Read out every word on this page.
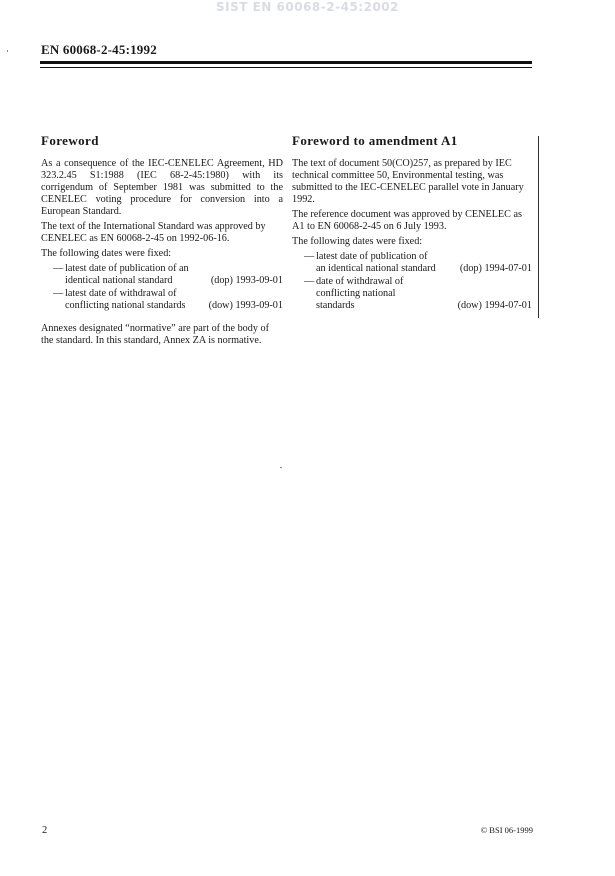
SIST EN 60068-2-45:2002
EN 60068-2-45:1992
Foreword

As a consequence of the IEC-CENELEC Agreement, HD 323.2.45 S1:1988 (IEC 68-2-45:1980) with its corrigendum of September 1981 was submitted to the CENELEC voting procedure for conversion into a European Standard.

The text of the International Standard was approved by CENELEC as EN 60068-2-45 on 1992-06-16.

The following dates were fixed:

— latest date of publication of an identical national standard	(dop) 1993-09-01
— latest date of withdrawal of conflicting national standards	(dow) 1993-09-01

Annexes designated “normative” are part of the body of the standard. In this standard, Annex ZA is normative.

Foreword to amendment A1

The text of document 50(CO)257, as prepared by IEC technical committee 50, Environmental testing, was submitted to the IEC-CENELEC parallel vote in January 1992.

The reference document was approved by CENELEC as A1 to EN 60068-2-45 on 6 July 1993.

The following dates were fixed:

— latest date of publication of an identical national standard	(dop) 1994-07-01
— date of withdrawal of conflicting national standards	(dow) 1994-07-01
2	© BSI 06-1999
